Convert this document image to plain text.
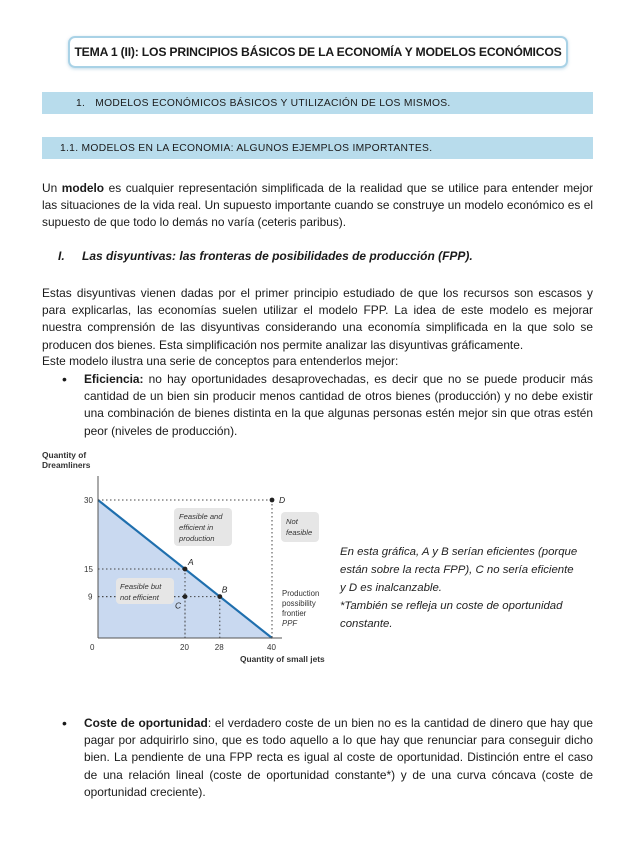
TEMA 1 (II): LOS PRINCIPIOS BÁSICOS DE LA ECONOMÍA Y MODELOS ECONÓMICOS
1. MODELOS ECONÓMICOS BÁSICOS Y UTILIZACIÓN DE LOS MISMOS.
1.1. MODELOS EN LA ECONOMIA: ALGUNOS EJEMPLOS IMPORTANTES.
Un modelo es cualquier representación simplificada de la realidad que se utilice para entender mejor las situaciones de la vida real. Un supuesto importante cuando se construye un modelo económico es el supuesto de que todo lo demás no varía (ceteris paribus).
I. Las disyuntivas: las fronteras de posibilidades de producción (FPP).
Estas disyuntivas vienen dadas por el primer principio estudiado de que los recursos son escasos y para explicarlas, las economías suelen utilizar el modelo FPP. La idea de este modelo es mejorar nuestra comprensión de las disyuntivas considerando una economía simplificada en la que solo se producen dos bienes. Esta simplificación nos permite analizar las disyuntivas gráficamente.
Este modelo ilustra una serie de conceptos para entenderlos mejor:
• Eficiencia: no hay oportunidades desaprovechadas, es decir que no se puede producir más cantidad de un bien sin producir menos cantidad de otros bienes (producción) y no debe existir una combinación de bienes distinta en la que algunas personas estén mejor sin que otras estén peor (niveles de producción).
Quantity of
Dreamliners
0	20	28	40
9
15
30
A
B
C
D
Feasible and
efficient in
production
Not
feasible
Feasible but
not efficient	Production
possibility
frontier
PPF
Quantity of small jets
En esta gráfica, A y B serían eficientes (porque
están sobre la recta FPP), C no sería eficiente
y D es inalcanzable.
*También se refleja un coste de oportunidad
constante.
• Coste de oportunidad: el verdadero coste de un bien no es la cantidad de dinero que hay que pagar por adquirirlo sino, que es todo aquello a lo que hay que renunciar para conseguir dicho bien. La pendiente de una FPP recta es igual al coste de oportunidad. Distinción entre el caso de una relación lineal (coste de oportunidad constante*) y de una curva cóncava (coste de oportunidad creciente).
